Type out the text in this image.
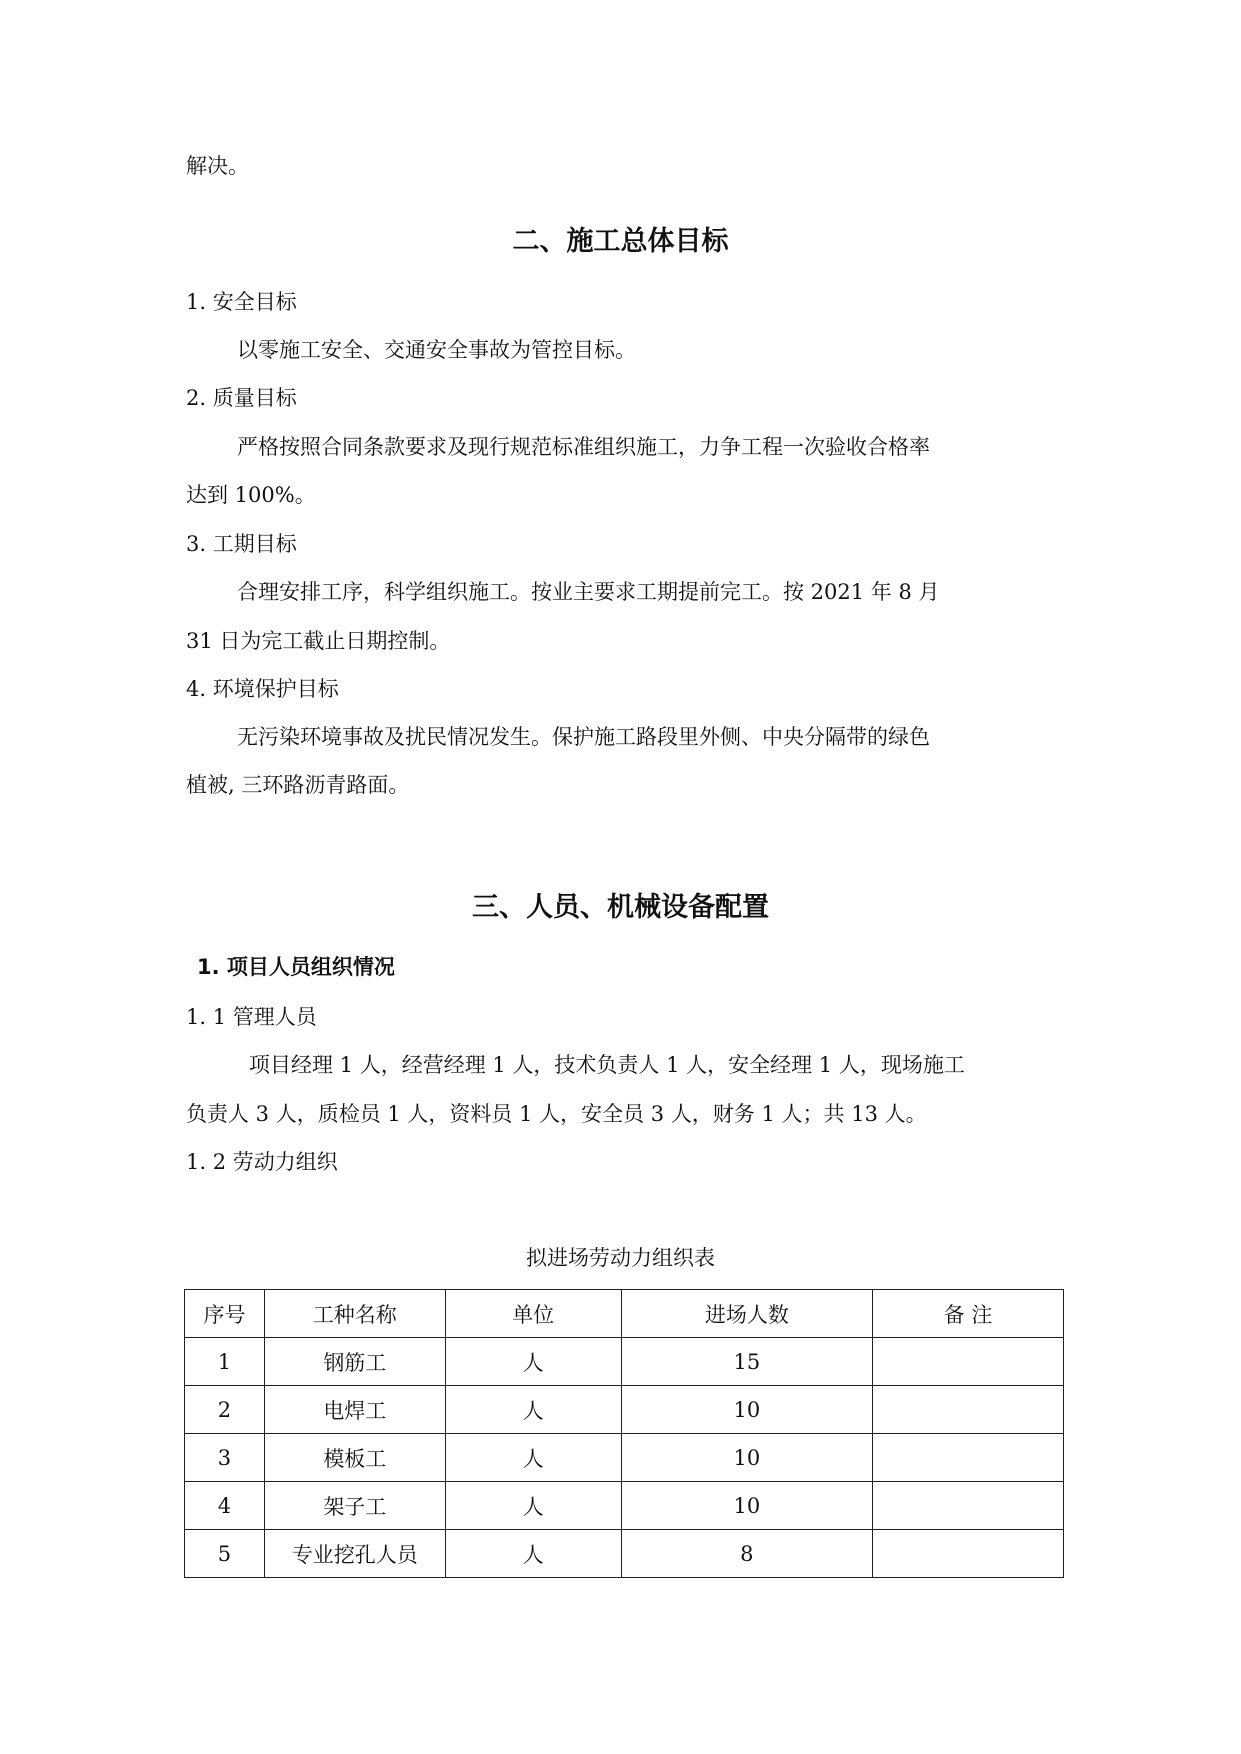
解决。
二、施工总体目标
1. 安全目标
以零施工安全、交通安全事故为管控目标。
2. 质量目标
严格按照合同条款要求及现行规范标准组织施工，力争工程一次验收合格率
达到 100%。
3. 工期目标
合理安排工序，科学组织施工。按业主要求工期提前完工。按 2021 年 8 月
31 日为完工截止日期控制。
4. 环境保护目标
无污染环境事故及扰民情况发生。保护施工路段里外侧、中央分隔带的绿色
植被, 三环路沥青路面。
三、人员、机械设备配置
1. 项目人员组织情况
1. 1 管理人员
项目经理 1 人，经营经理 1 人，技术负责人 1 人，安全经理 1 人，现场施工
负责人 3 人，质检员 1 人，资料员 1 人，安全员 3 人，财务 1 人；共 13 人。
1. 2 劳动力组织
拟进场劳动力组织表
序号	工种名称	单位	进场人数	备 注
1	钢筋工	人	15	
2	电焊工	人	10	
3	模板工	人	10	
4	架子工	人	10	
5	专业挖孔人员	人	8	
